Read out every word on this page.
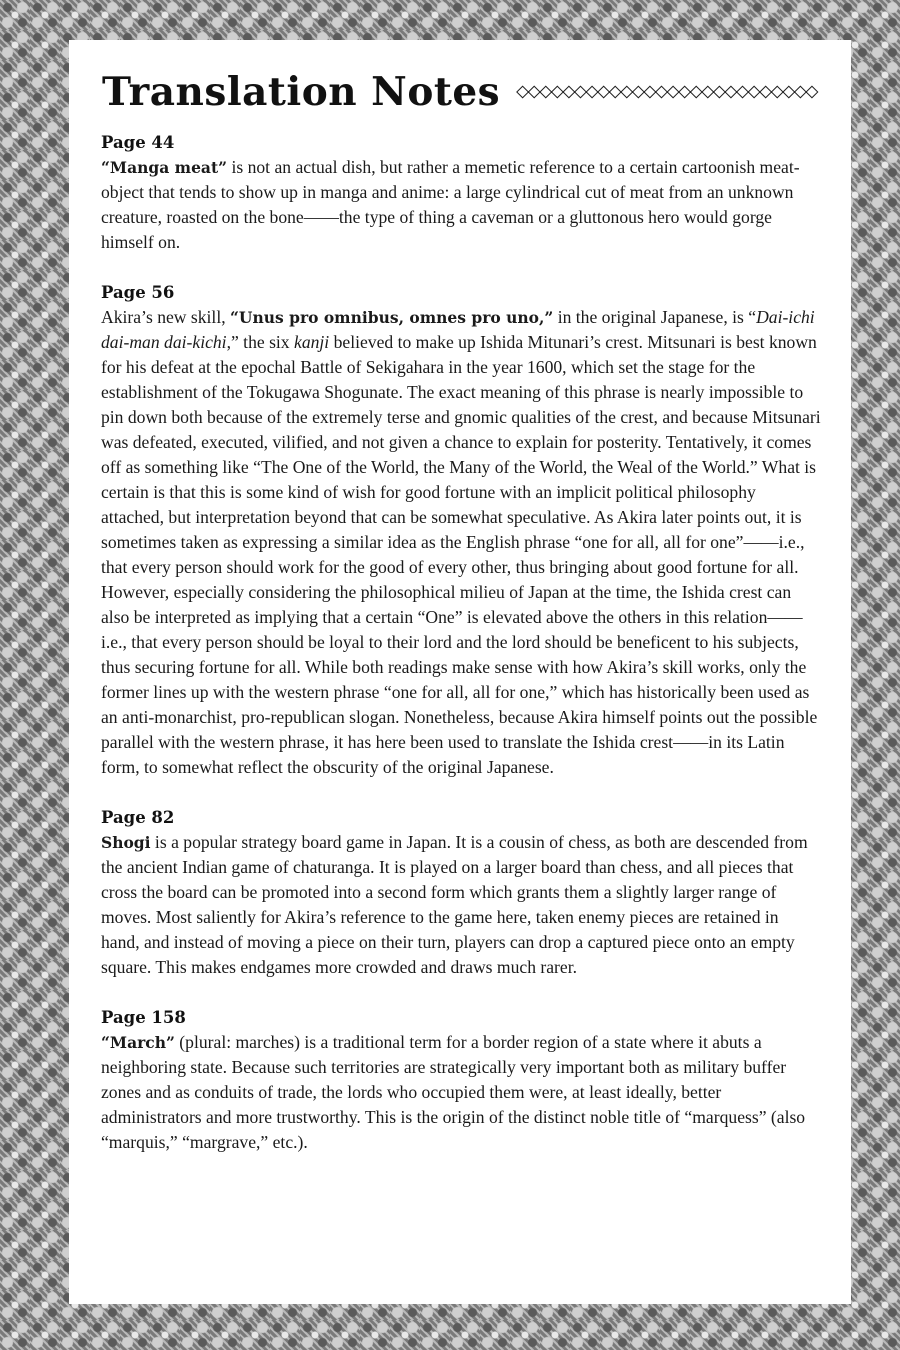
Translation Notes
Page 44

“Manga meat” is not an actual dish, but rather a memetic reference to a certain cartoonish meat-object that tends to show up in manga and anime: a large cylindrical cut of meat from an unknown creature, roasted on the bone——the type of thing a caveman or a gluttonous hero would gorge himself on.

Page 56

Akira’s new skill, “Unus pro omnibus, omnes pro uno,” in the original Japanese, is “Dai-ichi dai-man dai-kichi,” the six kanji believed to make up Ishida Mitunari’s crest. Mitsunari is best known for his defeat at the epochal Battle of Sekigahara in the year 1600, which set the stage for the establishment of the Tokugawa Shogunate. The exact meaning of this phrase is nearly impossible to pin down both because of the extremely terse and gnomic qualities of the crest, and because Mitsunari was defeated, executed, vilified, and not given a chance to explain for posterity. Tentatively, it comes off as something like “The One of the World, the Many of the World, the Weal of the World.” What is certain is that this is some kind of wish for good fortune with an implicit political philosophy attached, but interpretation beyond that can be somewhat speculative. As Akira later points out, it is sometimes taken as expressing a similar idea as the English phrase “one for all, all for one”——i.e., that every person should work for the good of every other, thus bringing about good fortune for all. However, especially considering the philosophical milieu of Japan at the time, the Ishida crest can also be interpreted as implying that a certain “One” is elevated above the others in this relation——i.e., that every person should be loyal to their lord and the lord should be beneficent to his subjects, thus securing fortune for all. While both readings make sense with how Akira’s skill works, only the former lines up with the western phrase “one for all, all for one,” which has historically been used as an anti-monarchist, pro-republican slogan. Nonetheless, because Akira himself points out the possible parallel with the western phrase, it has here been used to translate the Ishida crest——in its Latin form, to somewhat reflect the obscurity of the original Japanese.

Page 82

Shogi is a popular strategy board game in Japan. It is a cousin of chess, as both are descended from the ancient Indian game of chaturanga. It is played on a larger board than chess, and all pieces that cross the board can be promoted into a second form which grants them a slightly larger range of moves. Most saliently for Akira’s reference to the game here, taken enemy pieces are retained in hand, and instead of moving a piece on their turn, players can drop a captured piece onto an empty square. This makes endgames more crowded and draws much rarer.

Page 158

“March” (plural: marches) is a traditional term for a border region of a state where it abuts a neighboring state. Because such territories are strategically very important both as military buffer zones and as conduits of trade, the lords who occupied them were, at least ideally, better administrators and more trustworthy. This is the origin of the distinct noble title of “marquess” (also “marquis,” “margrave,” etc.).
